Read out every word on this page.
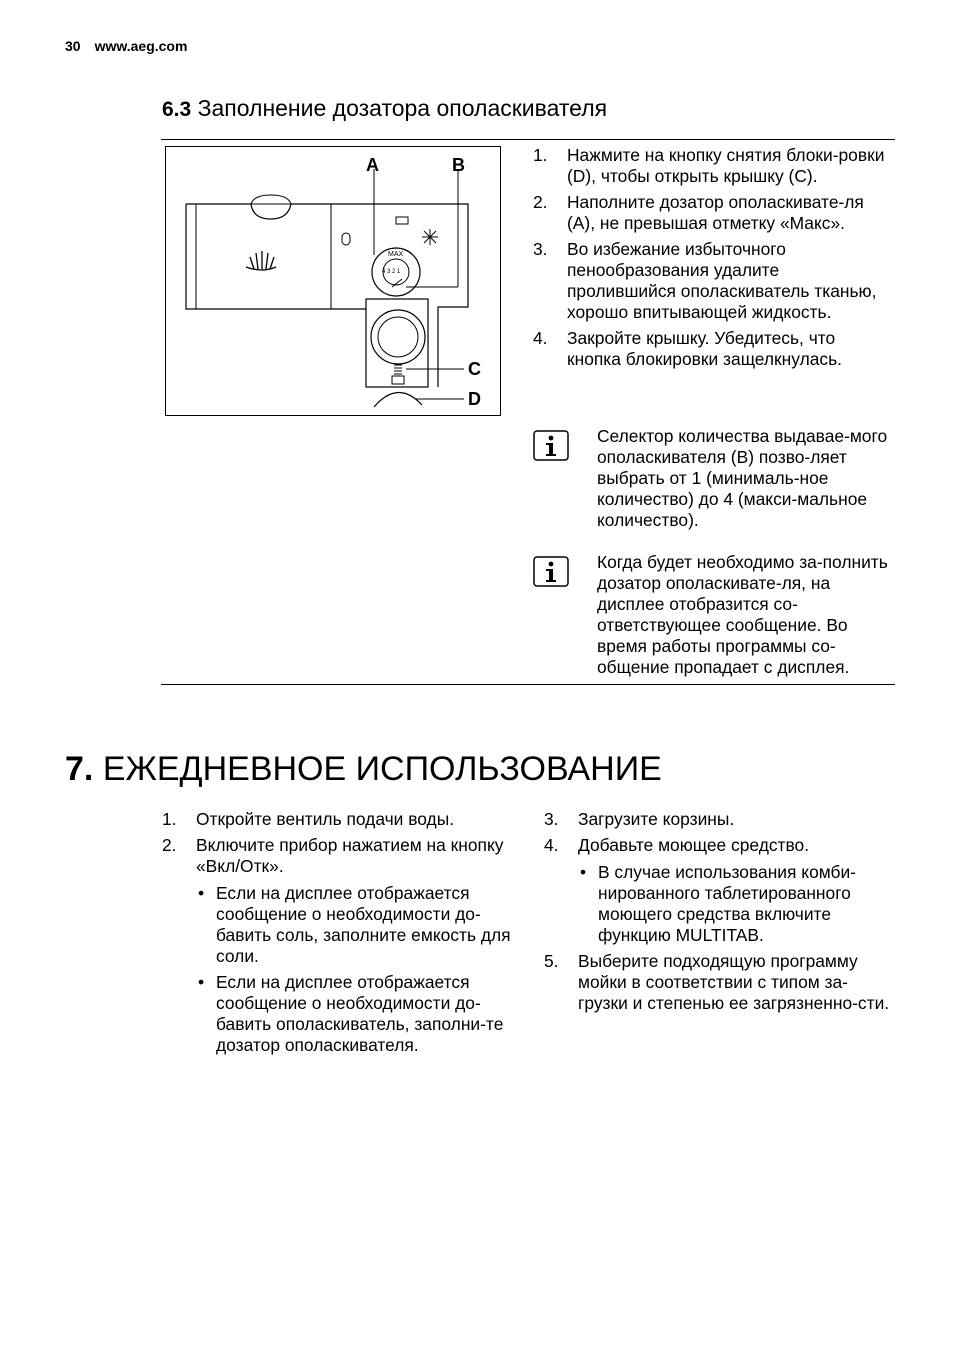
30 www.aeg.com
6.3 Заполнение дозатора ополаскивателя
MAX
4 3 2 1
A	B
C
D
1. Нажмите на кнопку снятия блоки-ровки (D), чтобы открыть крышку (C).
2. Наполните дозатор ополаскивате-ля (A), не превышая отметку «Макс».
3. Во избежание избыточного пенообразования удалите пролившийся ополаскиватель тканью, хорошо впитывающей жидкость.
4. Закройте крышку. Убедитесь, что кнопка блокировки защелкнулась.
Селектор количества выдавае-мого ополаскивателя (B) позво-ляет выбрать от 1 (минималь-ное количество) до 4 (макси-мальное количество).
Когда будет необходимо за-полнить дозатор ополаскивате-ля, на дисплее отобразится со-ответствующее сообщение. Во время работы программы со-общение пропадает с дисплея.
7. ЕЖЕДНЕВНОЕ ИСПОЛЬЗОВАНИЕ
1. Откройте вентиль подачи воды.
2. Включите прибор нажатием на кнопку «Вкл/Отк».
• Если на дисплее отображается сообщение о необходимости до-бавить соль, заполните емкость для соли.
• Если на дисплее отображается сообщение о необходимости до-бавить ополаскиватель, заполни-те дозатор ополаскивателя.
3. Загрузите корзины.
4. Добавьте моющее средство.
• В случае использования комби-нированного таблетированного моющего средства включите функцию MULTITAB.
5. Выберите подходящую программу мойки в соответствии с типом за-грузки и степенью ее загрязненно-сти.
